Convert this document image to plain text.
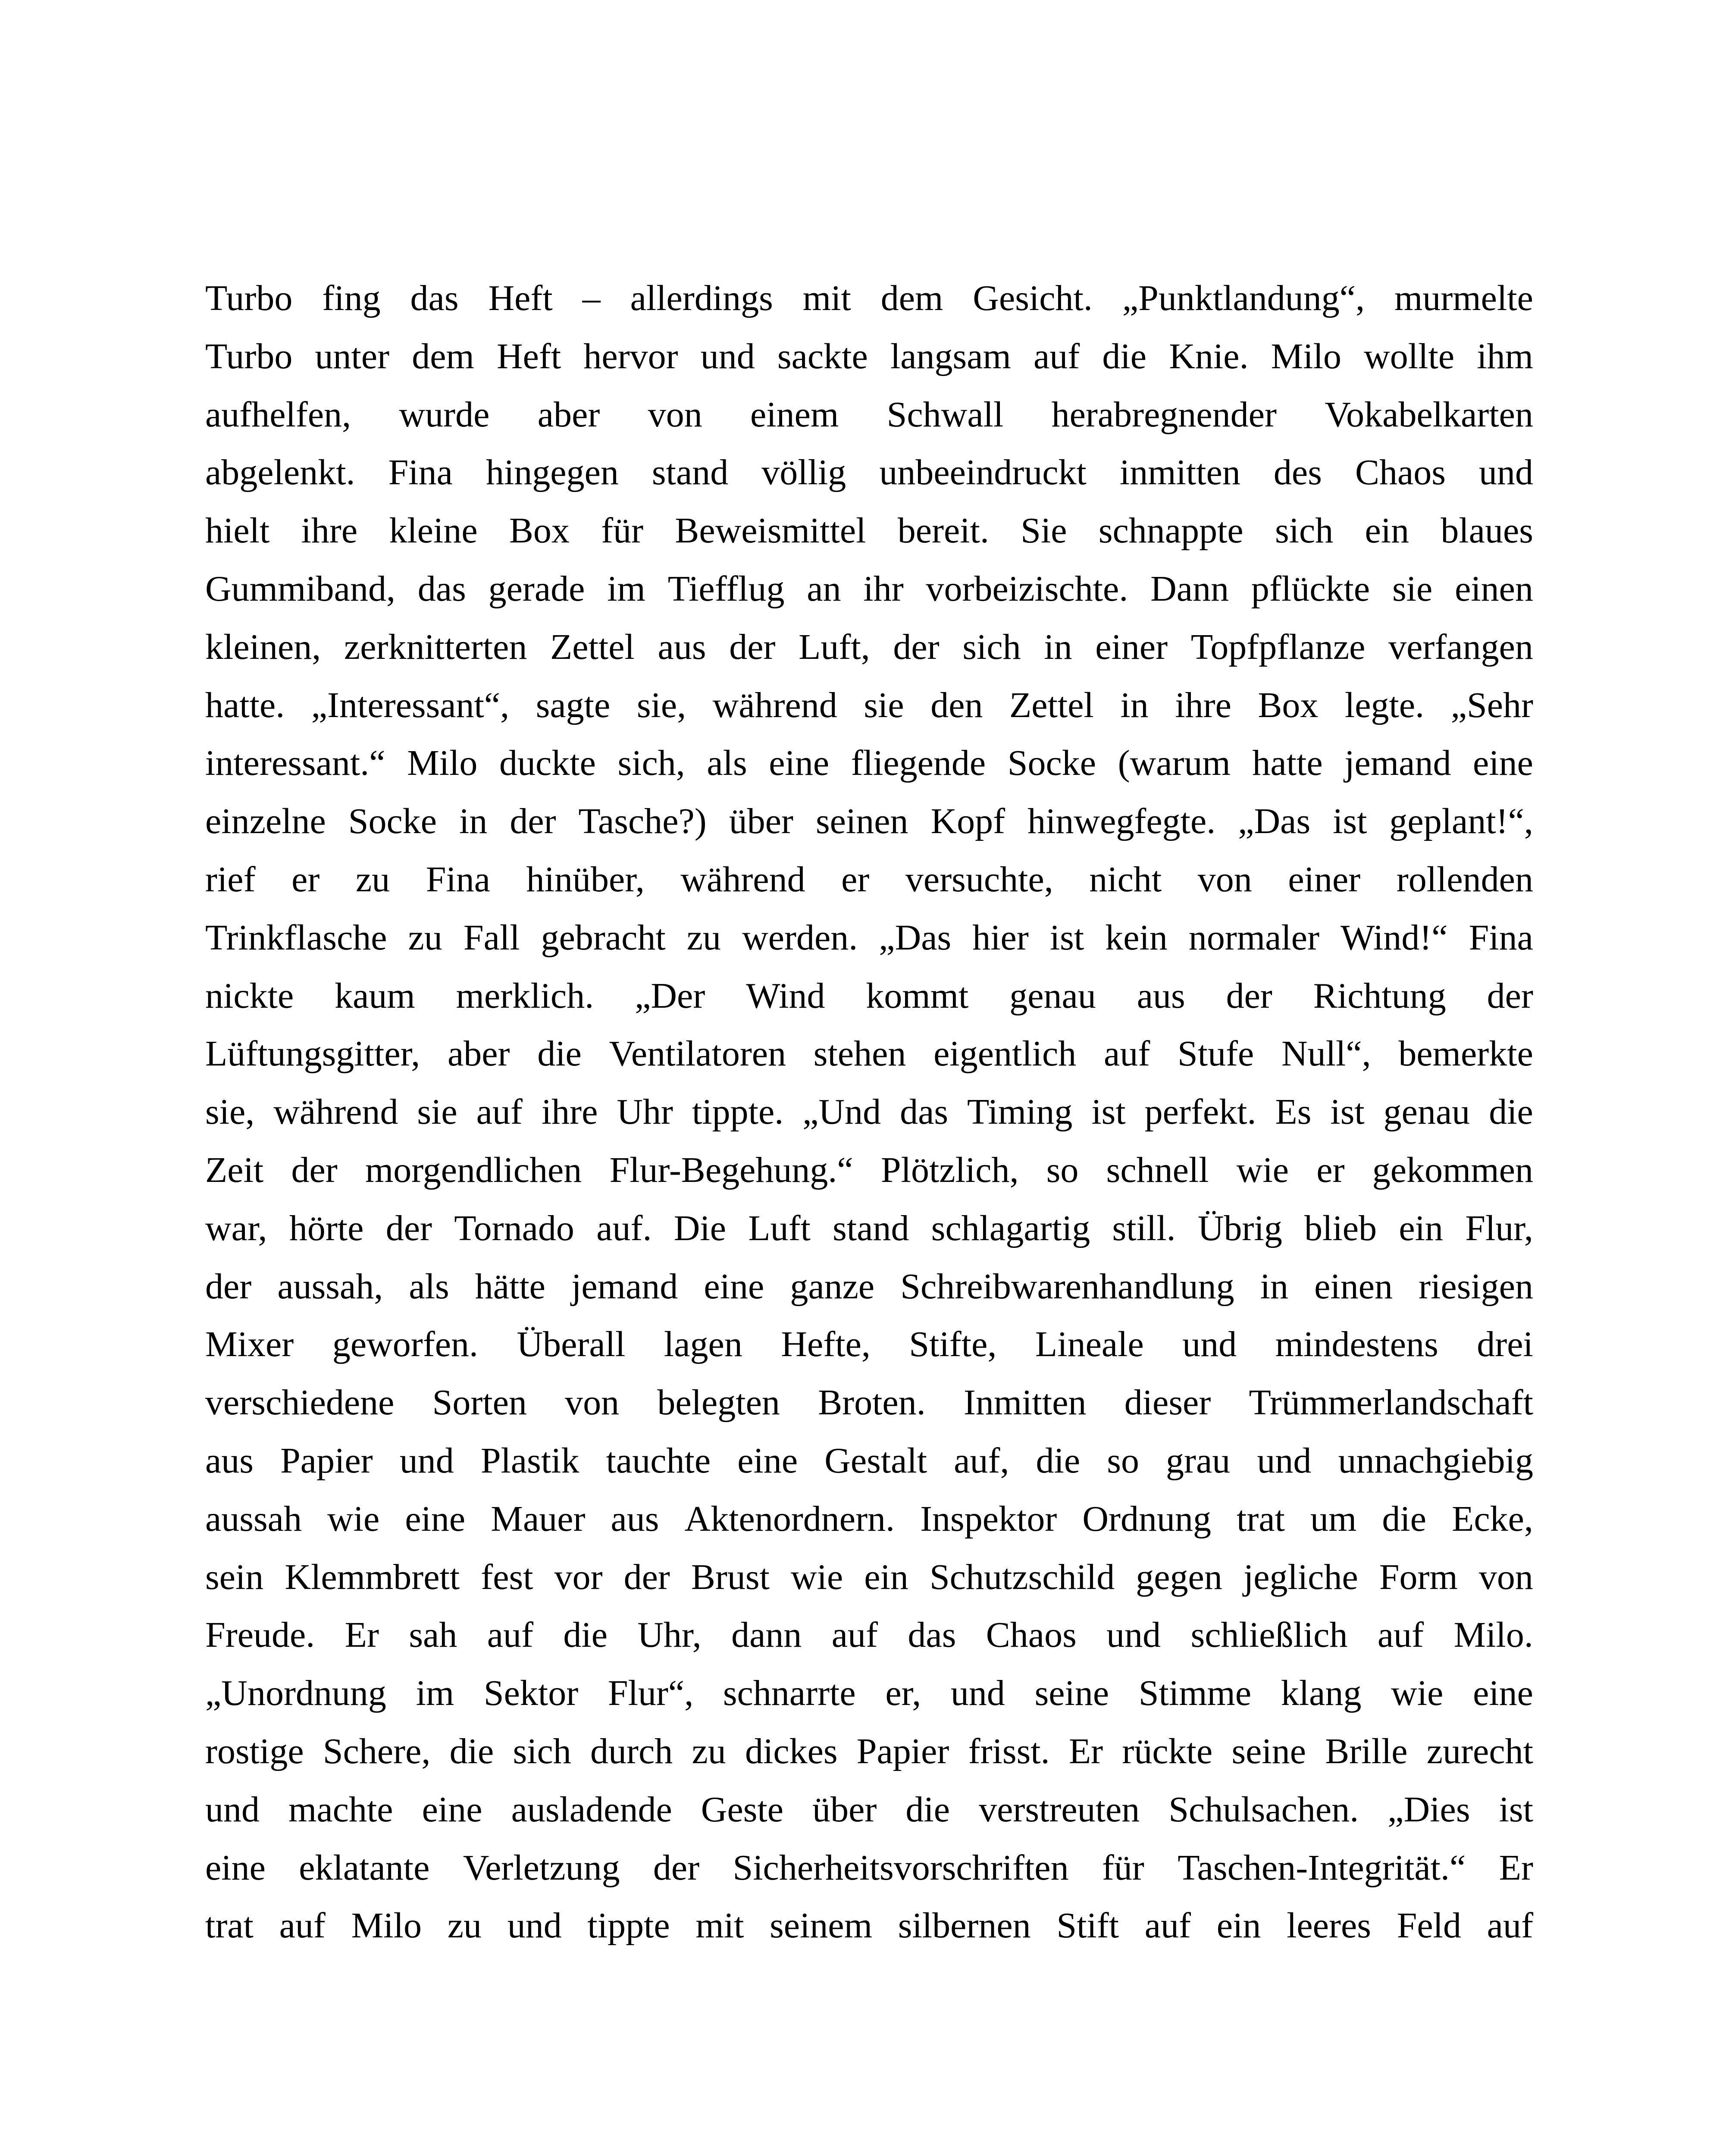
Turbo fing das Heft – allerdings mit dem Gesicht. „Punktlandung“, murmelte
Turbo unter dem Heft hervor und sackte langsam auf die Knie. Milo wollte ihm
aufhelfen, wurde aber von einem Schwall herabregnender Vokabelkarten
abgelenkt. Fina hingegen stand völlig unbeeindruckt inmitten des Chaos und
hielt ihre kleine Box für Beweismittel bereit. Sie schnappte sich ein blaues
Gummiband, das gerade im Tiefflug an ihr vorbeizischte. Dann pflückte sie einen
kleinen, zerknitterten Zettel aus der Luft, der sich in einer Topfpflanze verfangen
hatte. „Interessant“, sagte sie, während sie den Zettel in ihre Box legte. „Sehr
interessant.“ Milo duckte sich, als eine fliegende Socke (warum hatte jemand eine
einzelne Socke in der Tasche?) über seinen Kopf hinwegfegte. „Das ist geplant!“,
rief er zu Fina hinüber, während er versuchte, nicht von einer rollenden
Trinkflasche zu Fall gebracht zu werden. „Das hier ist kein normaler Wind!“ Fina
nickte kaum merklich. „Der Wind kommt genau aus der Richtung der
Lüftungsgitter, aber die Ventilatoren stehen eigentlich auf Stufe Null“, bemerkte
sie, während sie auf ihre Uhr tippte. „Und das Timing ist perfekt. Es ist genau die
Zeit der morgendlichen Flur-Begehung.“ Plötzlich, so schnell wie er gekommen
war, hörte der Tornado auf. Die Luft stand schlagartig still. Übrig blieb ein Flur,
der aussah, als hätte jemand eine ganze Schreibwarenhandlung in einen riesigen
Mixer geworfen. Überall lagen Hefte, Stifte, Lineale und mindestens drei
verschiedene Sorten von belegten Broten. Inmitten dieser Trümmerlandschaft
aus Papier und Plastik tauchte eine Gestalt auf, die so grau und unnachgiebig
aussah wie eine Mauer aus Aktenordnern. Inspektor Ordnung trat um die Ecke,
sein Klemmbrett fest vor der Brust wie ein Schutzschild gegen jegliche Form von
Freude. Er sah auf die Uhr, dann auf das Chaos und schließlich auf Milo.
„Unordnung im Sektor Flur“, schnarrte er, und seine Stimme klang wie eine
rostige Schere, die sich durch zu dickes Papier frisst. Er rückte seine Brille zurecht
und machte eine ausladende Geste über die verstreuten Schulsachen. „Dies ist
eine eklatante Verletzung der Sicherheitsvorschriften für Taschen-Integrität.“ Er
trat auf Milo zu und tippte mit seinem silbernen Stift auf ein leeres Feld auf
